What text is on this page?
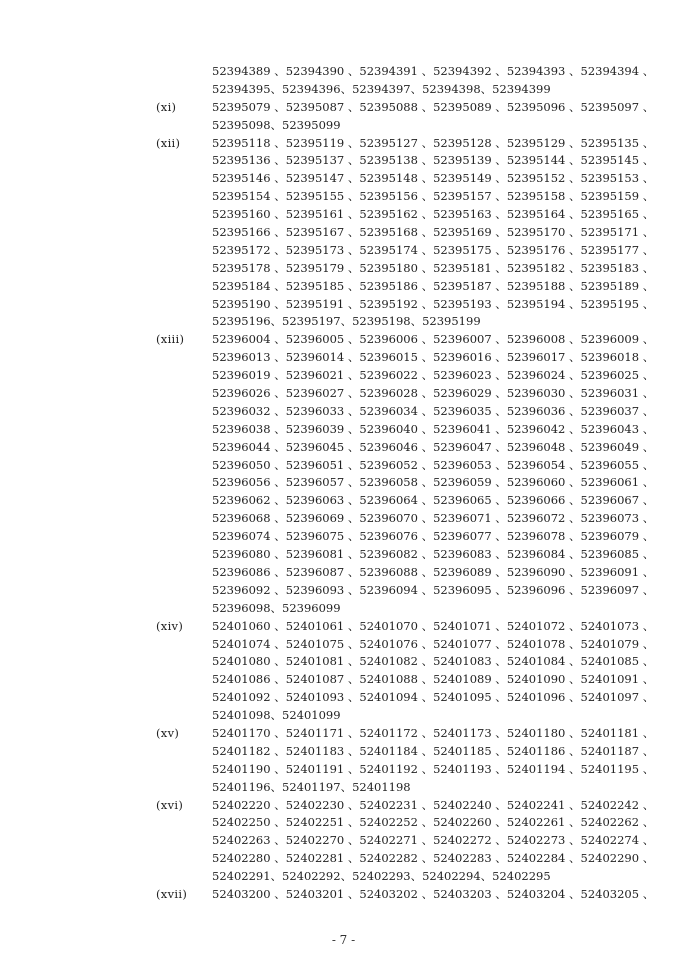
52394389 、 52394390 、 52394391 、 52394392 、 52394393 、 52394394 、
52394395、52394396、52394397、52394398、52394399
(xi)	52395079 、 52395087 、 52395088 、 52395089 、 52395096 、 52395097 、
52395098、52395099
(xii)	52395118 、 52395119 、 52395127 、 52395128 、 52395129 、 52395135 、
52395136 、 52395137 、 52395138 、 52395139 、 52395144 、 52395145 、
52395146 、 52395147 、 52395148 、 52395149 、 52395152 、 52395153 、
52395154 、 52395155 、 52395156 、 52395157 、 52395158 、 52395159 、
52395160 、 52395161 、 52395162 、 52395163 、 52395164 、 52395165 、
52395166 、 52395167 、 52395168 、 52395169 、 52395170 、 52395171 、
52395172 、 52395173 、 52395174 、 52395175 、 52395176 、 52395177 、
52395178 、 52395179 、 52395180 、 52395181 、 52395182 、 52395183 、
52395184 、 52395185 、 52395186 、 52395187 、 52395188 、 52395189 、
52395190 、 52395191 、 52395192 、 52395193 、 52395194 、 52395195 、
52395196、52395197、52395198、52395199
(xiii)	52396004 、 52396005 、 52396006 、 52396007 、 52396008 、 52396009 、
52396013 、 52396014 、 52396015 、 52396016 、 52396017 、 52396018 、
52396019 、 52396021 、 52396022 、 52396023 、 52396024 、 52396025 、
52396026 、 52396027 、 52396028 、 52396029 、 52396030 、 52396031 、
52396032 、 52396033 、 52396034 、 52396035 、 52396036 、 52396037 、
52396038 、 52396039 、 52396040 、 52396041 、 52396042 、 52396043 、
52396044 、 52396045 、 52396046 、 52396047 、 52396048 、 52396049 、
52396050 、 52396051 、 52396052 、 52396053 、 52396054 、 52396055 、
52396056 、 52396057 、 52396058 、 52396059 、 52396060 、 52396061 、
52396062 、 52396063 、 52396064 、 52396065 、 52396066 、 52396067 、
52396068 、 52396069 、 52396070 、 52396071 、 52396072 、 52396073 、
52396074 、 52396075 、 52396076 、 52396077 、 52396078 、 52396079 、
52396080 、 52396081 、 52396082 、 52396083 、 52396084 、 52396085 、
52396086 、 52396087 、 52396088 、 52396089 、 52396090 、 52396091 、
52396092 、 52396093 、 52396094 、 52396095 、 52396096 、 52396097 、
52396098、52396099
(xiv)	52401060 、 52401061 、 52401070 、 52401071 、 52401072 、 52401073 、
52401074 、 52401075 、 52401076 、 52401077 、 52401078 、 52401079 、
52401080 、 52401081 、 52401082 、 52401083 、 52401084 、 52401085 、
52401086 、 52401087 、 52401088 、 52401089 、 52401090 、 52401091 、
52401092 、 52401093 、 52401094 、 52401095 、 52401096 、 52401097 、
52401098、52401099
(xv)	52401170 、 52401171 、 52401172 、 52401173 、 52401180 、 52401181 、
52401182 、 52401183 、 52401184 、 52401185 、 52401186 、 52401187 、
52401190 、 52401191 、 52401192 、 52401193 、 52401194 、 52401195 、
52401196、52401197、52401198
(xvi)	52402220 、 52402230 、 52402231 、 52402240 、 52402241 、 52402242 、
52402250 、 52402251 、 52402252 、 52402260 、 52402261 、 52402262 、
52402263 、 52402270 、 52402271 、 52402272 、 52402273 、 52402274 、
52402280 、 52402281 、 52402282 、 52402283 、 52402284 、 52402290 、
52402291、52402292、52402293、52402294、52402295
(xvii)	52403200 、 52403201 、 52403202 、 52403203 、 52403204 、 52403205 、
- 7 -
